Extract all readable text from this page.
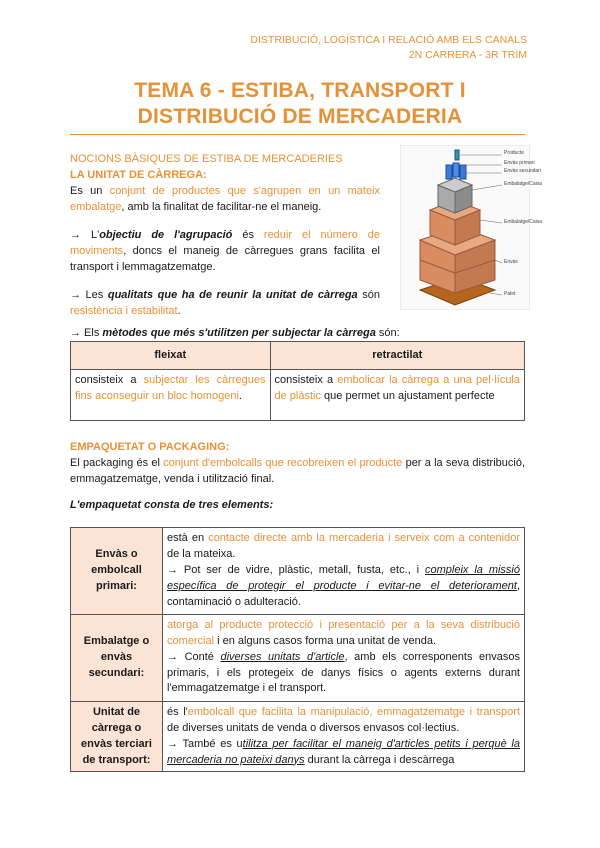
DISTRIBUCIÓ, LOGÍSTICA I RELACIÓ AMB ELS CANALS
2N CARRERA - 3R TRIM
TEMA 6 - ESTIBA, TRANSPORT I
DISTRIBUCIÓ DE MERCADERIA
NOCIONS BÀSIQUES DE ESTIBA DE MERCADERIES
LA UNITAT DE CÀRREGA:

Es un conjunt de productes que s'agrupen en un mateix embalatge, amb la finalitat de facilitar-ne el maneig.

→ L'objectiu de l'agrupació és reduir el número de moviments, doncs el maneig de càrregues grans facilita el transport i lemmagatzematge.

→ Les qualitats que ha de reunir la unitat de càrrega són resistència i estabilitat.

Producte
Envàs primari
Envàs secundari
Embalatge/Caixa
Embalatge/Caixa
Envàs
Palet
→ Els mètodes que més s'utilitzen per subjectar la càrrega són:
fleixat	retractilat
consisteix a subjectar les càrregues fins aconseguir un bloc homogeni.	consisteix a embolicar la càrrega a una pel·lícula de plàstic que permet un ajustament perfecte
EMPAQUETAT O PACKAGING:

El packaging és el conjunt d'embolcalls que recobreixen el producte per a la seva distribució, emmagatzematge, venda i utilització final.

L'empaquetat consta de tres elements:

Envàs o embolcall primari:	està en contacte directe amb la mercaderia i serveix com a contenidor de la mateixa.
→ Pot ser de vidre, plàstic, metall, fusta, etc., i compleix la missió específica de protegir el producte i evitar-ne el deteriorament, contaminació o adulteració.
Embalatge o envàs secundari:	atorga al producte protecció i presentació per a la seva distribució comercial i en alguns casos forma una unitat de venda.
→ Conté diverses unitats d'article, amb els corresponents envasos primaris, i els protegeix de danys físics o agents externs durant l'emmagatzematge i el transport.
Unitat de càrrega o envàs terciari de transport:	és l'embolcall que facilita la manipulació, emmagatzematge i transport de diverses unitats de venda o diversos envasos col·lectius.
→ També es utilitza per facilitar el maneig d'articles petits i perquè la mercaderia no pateixi danys durant la càrrega i descàrrega
